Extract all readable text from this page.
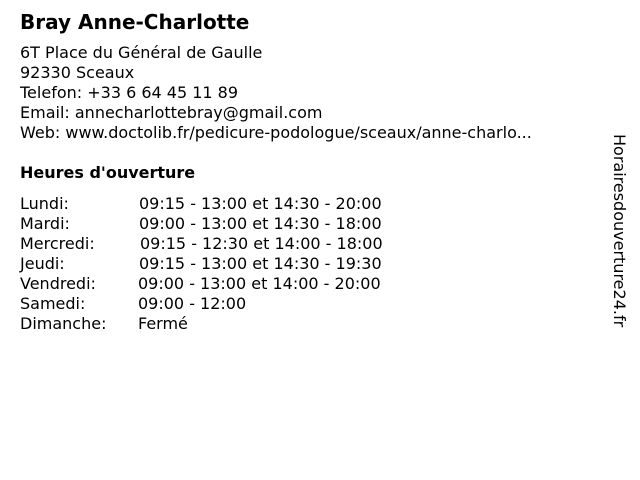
Bray Anne-Charlotte
6T Place du Général de Gaulle
92330 Sceaux
Telefon: +33 6 64 45 11 89
Email: annecharlottebray@gmail.com
Web: www.doctolib.fr/pedicure-podologue/sceaux/anne-charlo...
Heures d'ouverture
Lundi:	09:15 - 13:00 et 14:30 - 20:00
Mardi:	09:00 - 13:00 et 14:30 - 18:00
Mercredi:	09:15 - 12:30 et 14:00 - 18:00
Jeudi:	09:15 - 13:00 et 14:30 - 19:30
Vendredi:	09:00 - 13:00 et 14:00 - 20:00
Samedi:	09:00 - 12:00
Dimanche: Fermé	Horairesdouverture24.fr
